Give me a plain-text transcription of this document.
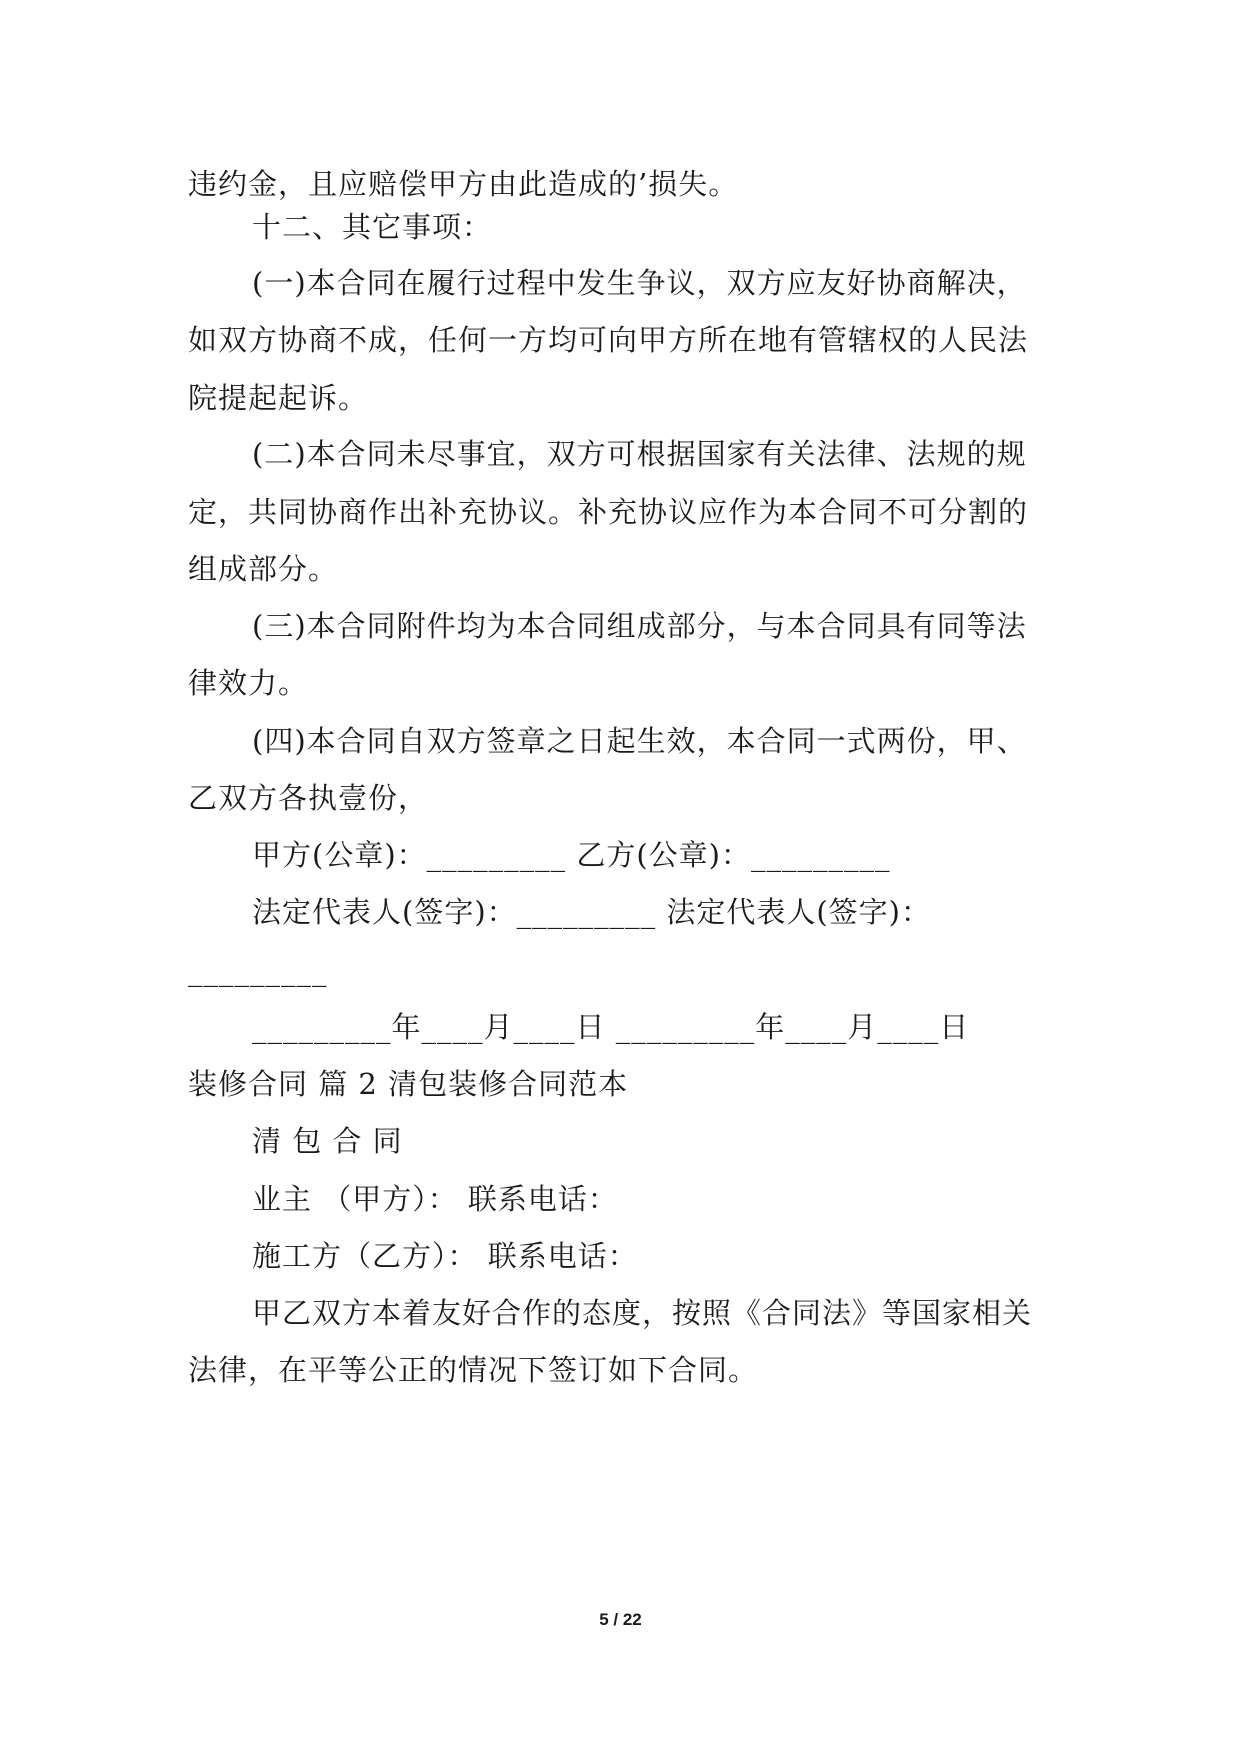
违约金，且应赔偿甲方由此造成的’损失。
十二、其它事项：
(一)本合同在履行过程中发生争议，双方应友好协商解决，
如双方协商不成，任何一方均可向甲方所在地有管辖权的人民法
院提起起诉。
(二)本合同未尽事宜，双方可根据国家有关法律、法规的规
定，共同协商作出补充协议。补充协议应作为本合同不可分割的
组成部分。
(三)本合同附件均为本合同组成部分，与本合同具有同等法
律效力。
(四)本合同自双方签章之日起生效，本合同一式两份，甲、
乙双方各执壹份，
甲方(公章)：_________ 乙方(公章)：_________
法定代表人(签字)：_________ 法定代表人(签字)：
_________
_________年____月____日 _________年____月____日
装修合同 篇 2 清包装修合同范本
清 包 合 同
业主 （甲方）： 联系电话：
施工方（乙方）： 联系电话：
甲乙双方本着友好合作的态度，按照《合同法》等国家相关
法律，在平等公正的情况下签订如下合同。
5 / 22
